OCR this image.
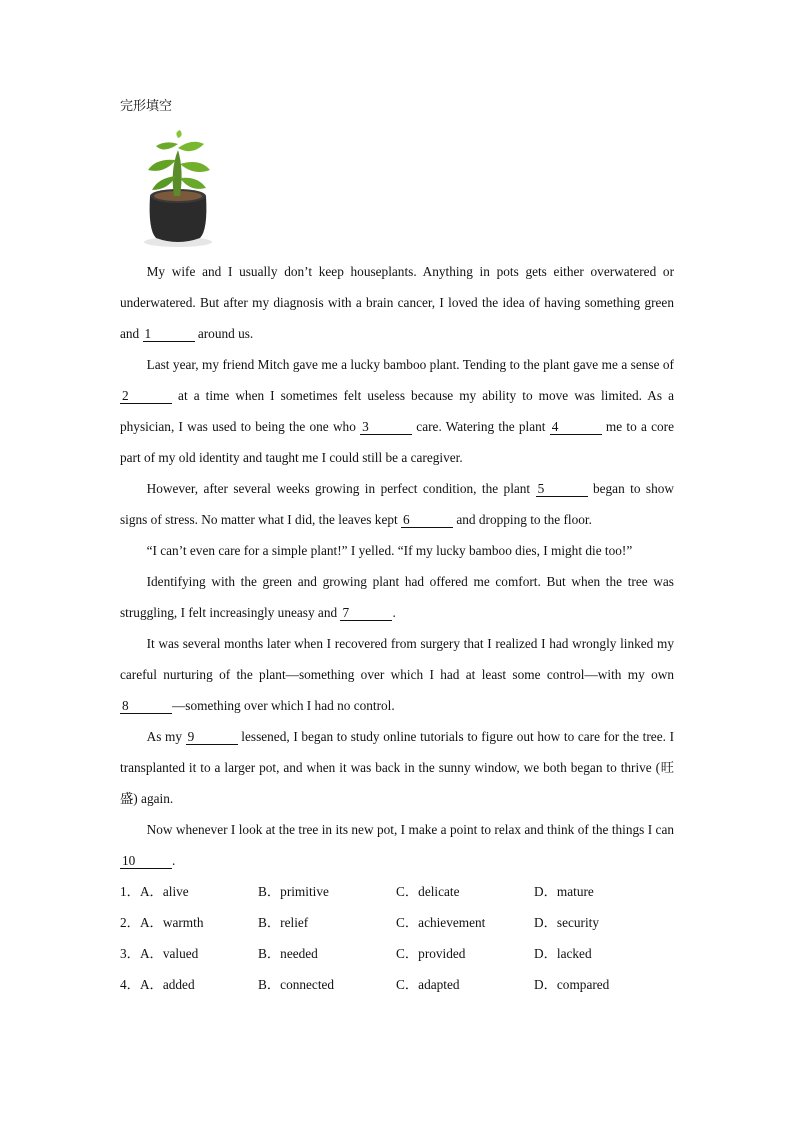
完形填空

My wife and I usually don’t keep houseplants. Anything in pots gets either overwatered or underwatered. But after my diagnosis with a brain cancer, I loved the idea of having something green and 1	around us.

Last year, my friend Mitch gave me a lucky bamboo plant. Tending to the plant gave me a sense of 2	at a time when I sometimes felt useless because my ability to move was limited. As a physician, I was used to being the one who 3	care. Watering the plant 4	me to a core part of my old identity and taught me I could still be a caregiver.

However, after several weeks growing in perfect condition, the plant 5	began to show signs of stress. No matter what I did, the leaves kept 6	and dropping to the floor.

“I can’t even care for a simple plant!” I yelled. “If my lucky bamboo dies, I might die too!”

Identifying with the green and growing plant had offered me comfort. But when the tree was struggling, I felt increasingly uneasy and 7	.

It was several months later when I recovered from surgery that I realized I had wrongly linked my careful nurturing of the plant—something over which I had at least some control—with my own 8	—something over which I had no control.

As my 9	lessened, I began to study online tutorials to figure out how to care for the tree. I transplanted it to a larger pot, and when it was back in the sunny window, we both began to thrive (旺盛) again.

Now whenever I look at the tree in its new pot, I make a point to relax and think of the things I can 10	.

1．A．alive	B．primitive	C．delicate	D．mature
2．A．warmth	B．relief	C．achievement	D．security
3．A．valued	B．needed	C．provided	D．lacked
4．A．added	B．connected	C．adapted	D．compared
